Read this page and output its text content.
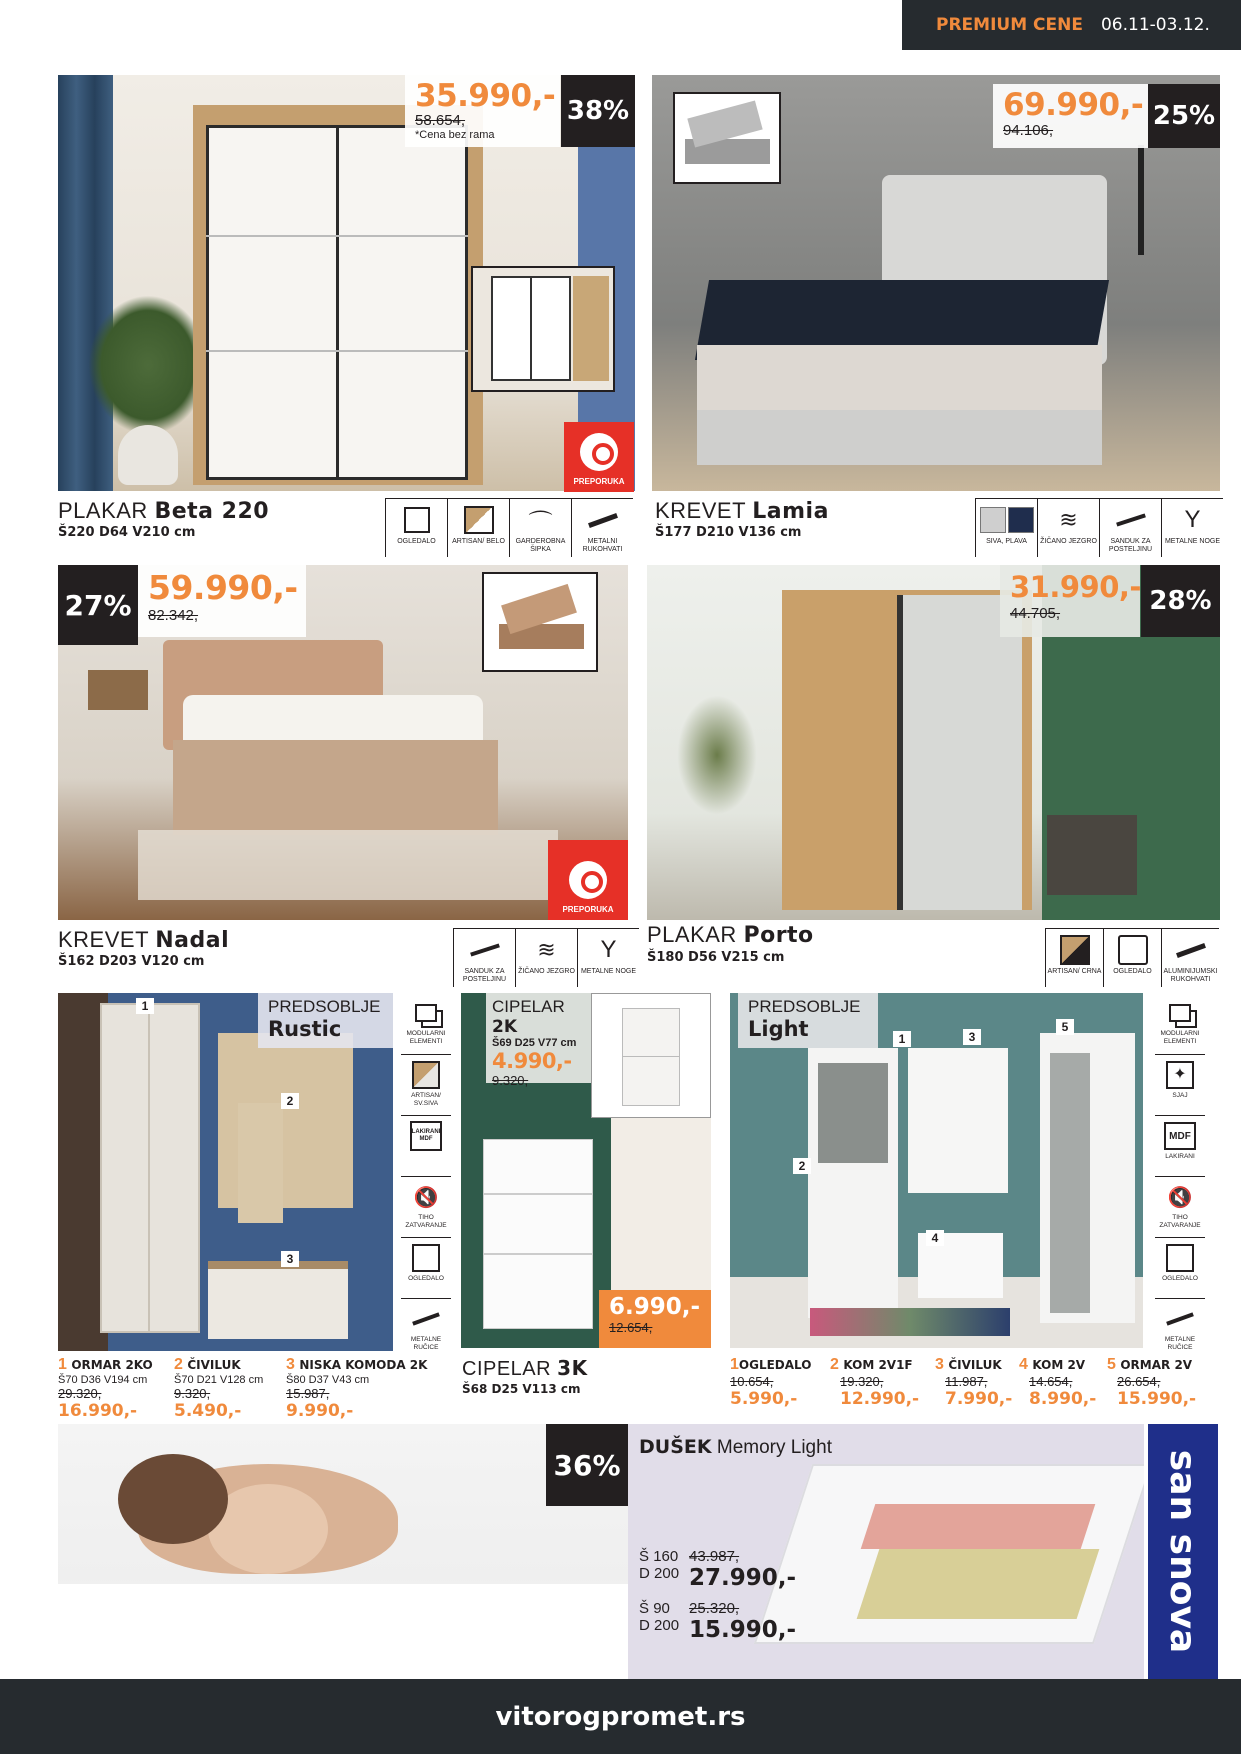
PREMIUM CENE 06.11-03.12.
35.990,-
58.654,
*Cena bez rama
38%
PREPORUKA
PLAKAR Beta 220
Š220 D64 V210 cm
OGLEDALO ARTISAN/ BELO
⌒
GARDEROBNA ŠIPKA
METALNI RUKOHVATI
69.990,-
94.106,	25%
KREVET Lamia
Š177 D210 V136 cm
SIVA, PLAVA
≋
ŽIČANO JEZGRO	SANDUK ZA POSTELJINU
Y
METALNE NOGE
27% 59.990,-
82.342,
PREPORUKA
KREVET Nadal
Š162 D203 V120 cm
SANDUK ZA POSTELJINU
≋
ŽIČANO JEZGRO
Y
METALNE NOGE
31.990,-
44.705,	28%
PLAKAR Porto
Š180 D56 V215 cm
ARTISAN/ CRNA OGLEDALO ALUMINIJUMSKI RUKOHVATI
PREDSOBLJE
Rustic
1
2
3
MODULARNI ELEMENTI
ARTISAN/ SV.SIVA
LAKIRANI MDF
🔇
TIHO ZATVARANJE
OGLEDALO
METALNE RUČICE
1 ORMAR 2KO
Š70 D36 V194 cm
29.320,
16.990,-
2 ČIVILUK
Š70 D21 V128 cm
9.320,
5.490,-
3 NISKA KOMODA 2K
Š80 D37 V43 cm
15.987,
9.990,-
CIPELAR 2K
Š69 D25 V77 cm
4.990,-
9.320,
6.990,-
12.654,
CIPELAR 3K
Š68 D25 V113 cm
PREDSOBLJE
Light	1
2
3
4
5	MODULARNI ELEMENTI
✦
SJAJ
MDF
LAKIRANI
🔇
TIHO ZATVARANJE
OGLEDALO
METALNE RUČICE
1OGLEDALO
10.654,
5.990,-
2 KOM 2V1F
19.320,
12.990,-
3 ČIVILUK
11.987,
7.990,-
4 KOM 2V
14.654,
8.990,-
5 ORMAR 2V
26.654,
15.990,-
36%
DUŠEK Memory Light
Š 160
D 200
43.987,
27.990,-
Š 90
D 200
25.320,
15.990,-	san snova
vitorogpromet.rs
